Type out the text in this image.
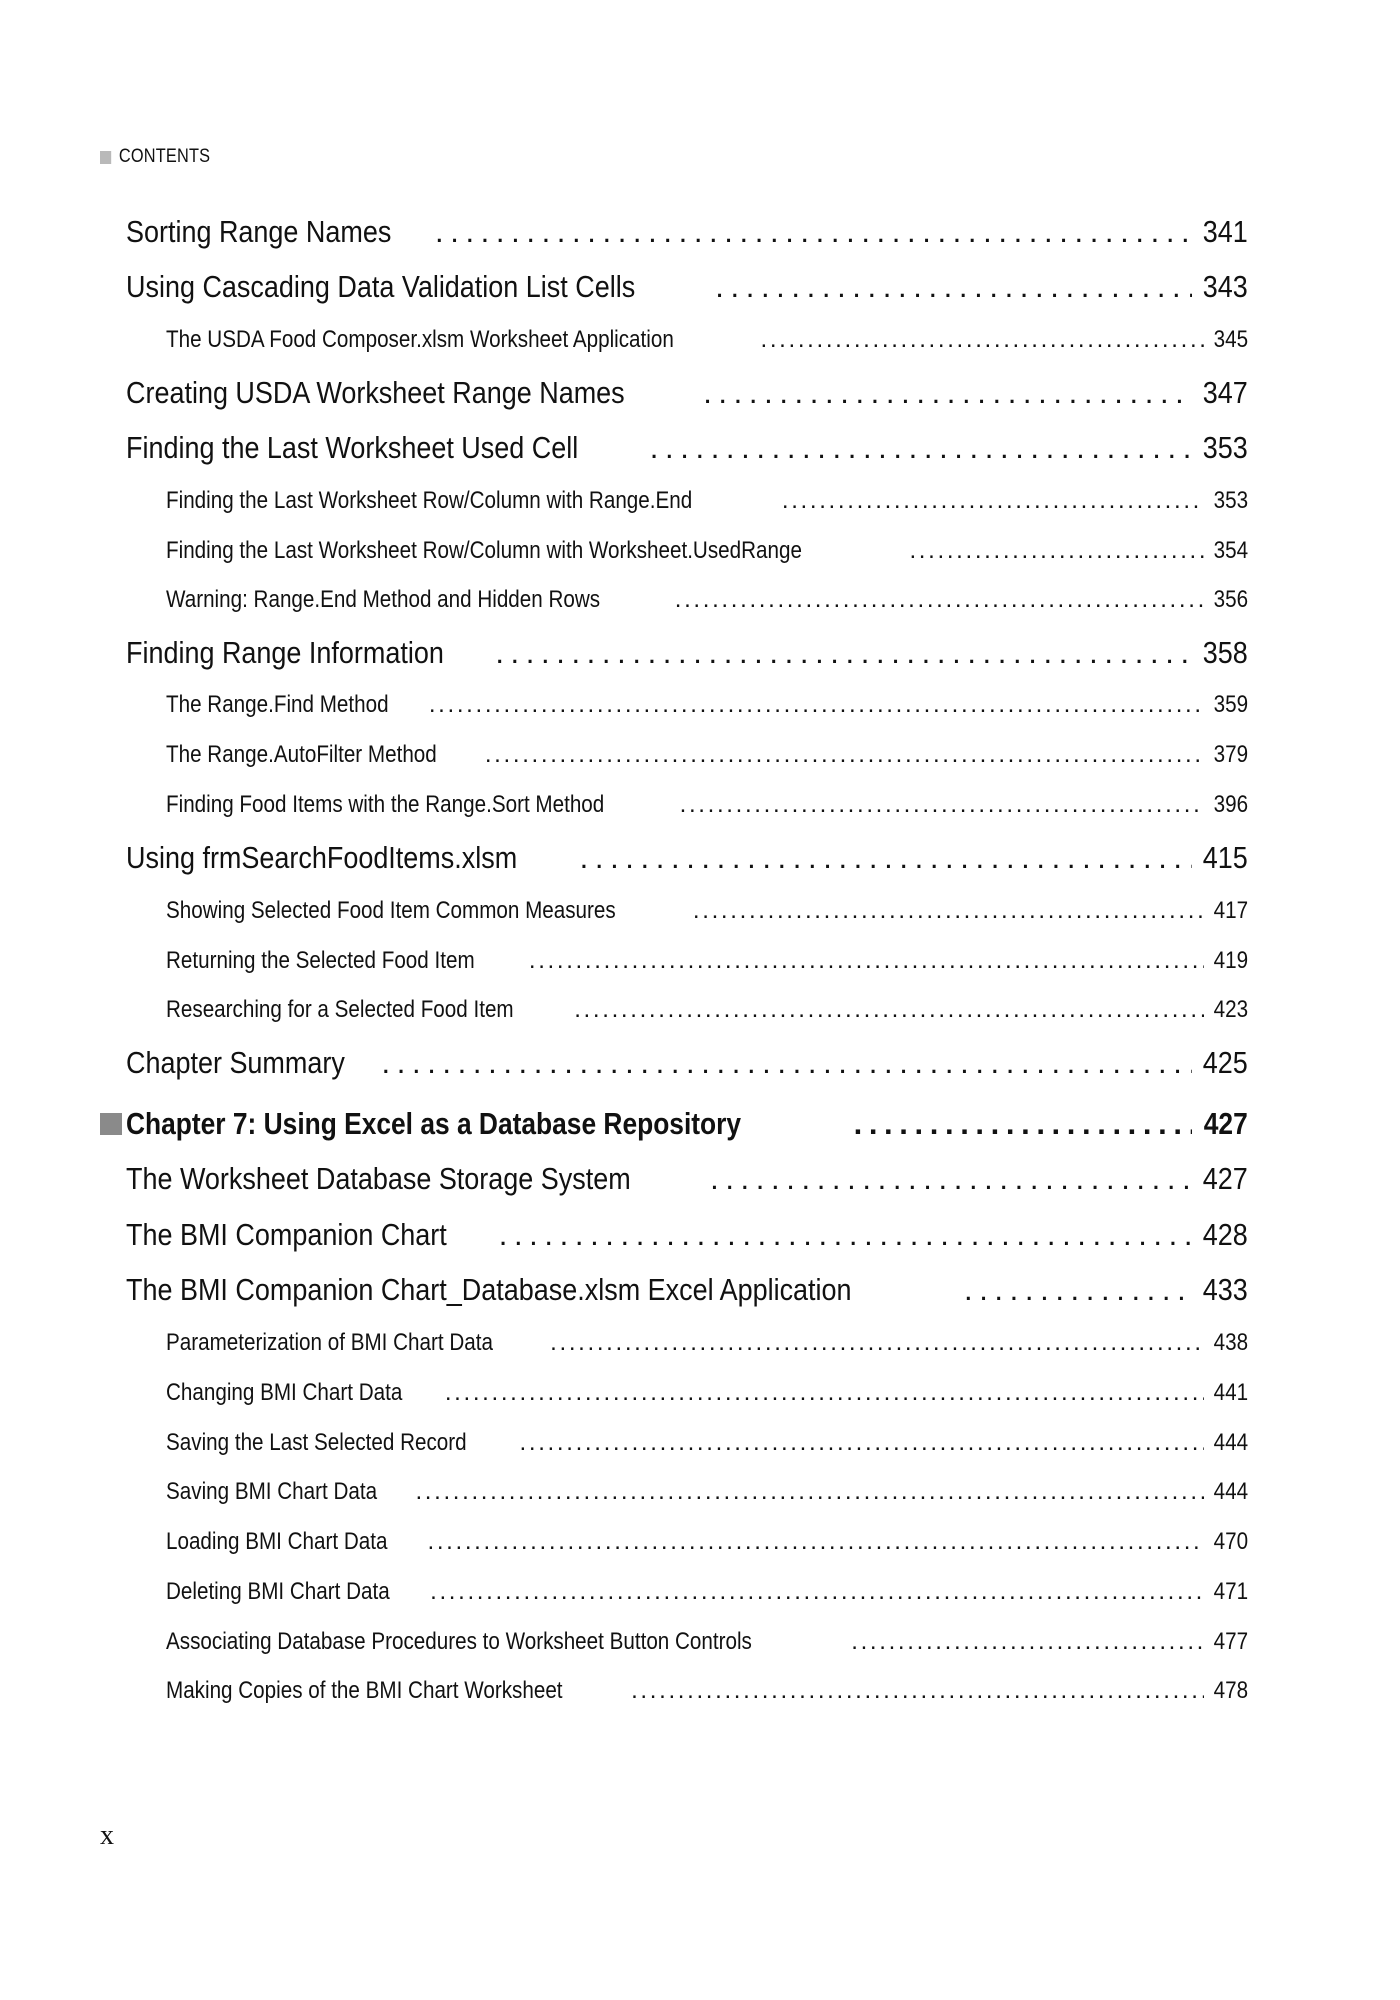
CONTENTS
Sorting Range Names . . .	341
Using Cascading Data Validation List Cells . . .	343
The USDA Food Composer.xlsm Worksheet Application . . .	345
Creating USDA Worksheet Range Names . . .	347
Finding the Last Worksheet Used Cell . . .	353
Finding the Last Worksheet Row/Column with Range.End . . .	353
Finding the Last Worksheet Row/Column with Worksheet.UsedRange . . .	354
Warning: Range.End Method and Hidden Rows . . .	356
Finding Range Information . . .	358
The Range.Find Method . . .	359
The Range.AutoFilter Method . . .	379
Finding Food Items with the Range.Sort Method . . .	396
Using frmSearchFoodItems.xlsm . . .	415
Showing Selected Food Item Common Measures . . .	417
Returning the Selected Food Item . . .	419
Researching for a Selected Food Item . . .	423
Chapter Summary . . .	425
Chapter 7: Using Excel as a Database Repository . . .	427
The Worksheet Database Storage System . . .	427
The BMI Companion Chart . . .	428
The BMI Companion Chart_Database.xlsm Excel Application . . .	433
Parameterization of BMI Chart Data . . .	438
Changing BMI Chart Data . . .	441
Saving the Last Selected Record . . .	444
Saving BMI Chart Data . . .	444
Loading BMI Chart Data . . .	470
Deleting BMI Chart Data . . .	471
Associating Database Procedures to Worksheet Button Controls . . .	477
Making Copies of the BMI Chart Worksheet . . .	478
x
